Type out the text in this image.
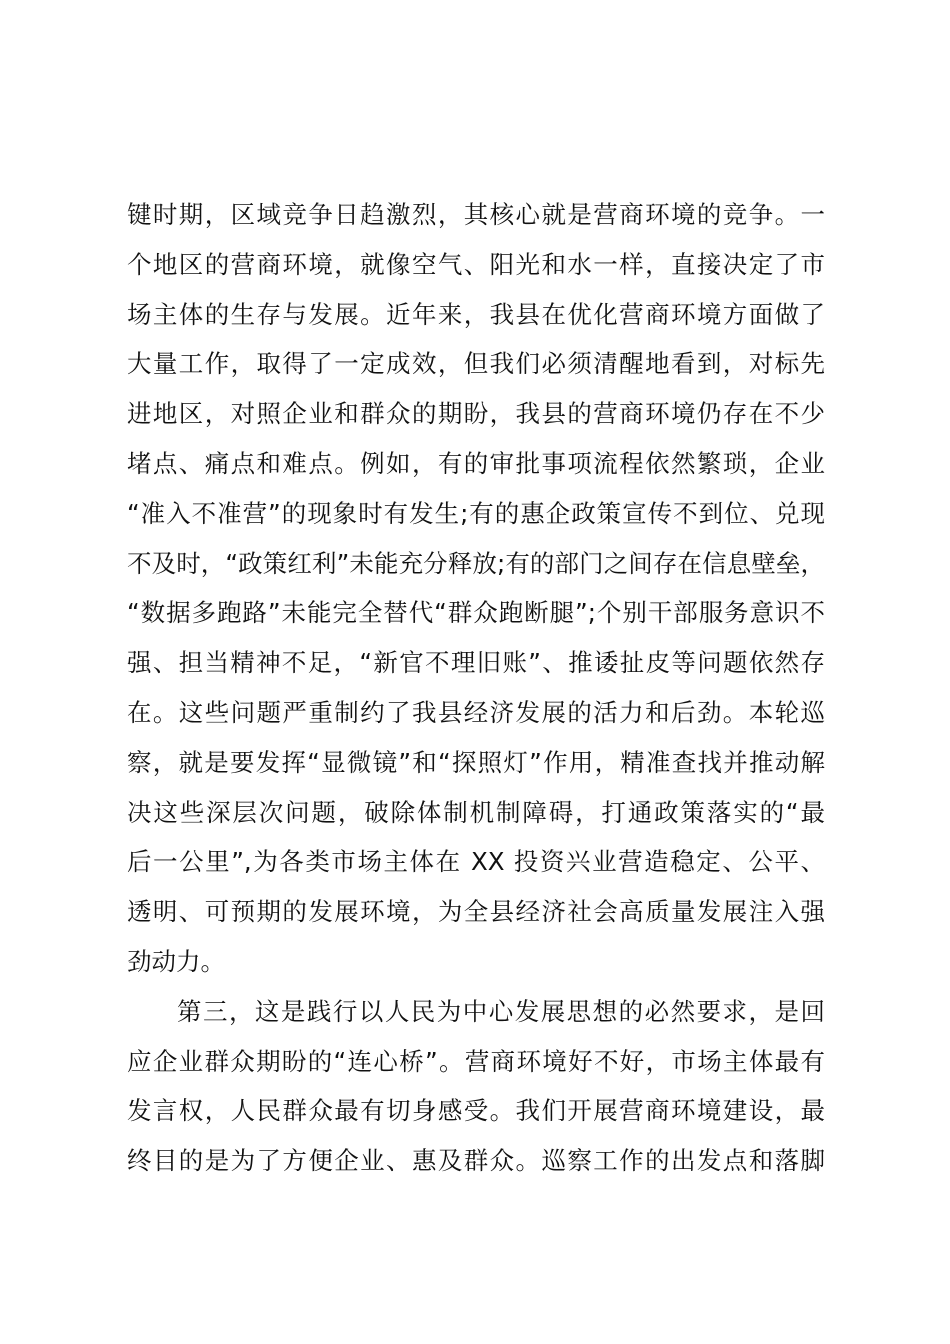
键时期，区域竞争日趋激烈，其核心就是营商环境的竞争。一
个地区的营商环境，就像空气、阳光和水一样，直接决定了市
场主体的生存与发展。近年来，我县在优化营商环境方面做了
大量工作，取得了一定成效，但我们必须清醒地看到，对标先
进地区，对照企业和群众的期盼，我县的营商环境仍存在不少
堵点、痛点和难点。例如，有的审批事项流程依然繁琐，企业
“准入不准营”的现象时有发生;有的惠企政策宣传不到位、兑现
不及时，“政策红利”未能充分释放;有的部门之间存在信息壁垒，
“数据多跑路”未能完全替代“群众跑断腿”;个别干部服务意识不
强、担当精神不足，“新官不理旧账”、推诿扯皮等问题依然存
在。这些问题严重制约了我县经济发展的活力和后劲。本轮巡
察，就是要发挥“显微镜”和“探照灯”作用，精准查找并推动解
决这些深层次问题，破除体制机制障碍，打通政策落实的“最
后一公里”,为各类市场主体在 XX 投资兴业营造稳定、公平、
透明、可预期的发展环境，为全县经济社会高质量发展注入强
劲动力。
第三，这是践行以人民为中心发展思想的必然要求，是回
应企业群众期盼的“连心桥”。营商环境好不好，市场主体最有
发言权，人民群众最有切身感受。我们开展营商环境建设，最
终目的是为了方便企业、惠及群众。巡察工作的出发点和落脚
